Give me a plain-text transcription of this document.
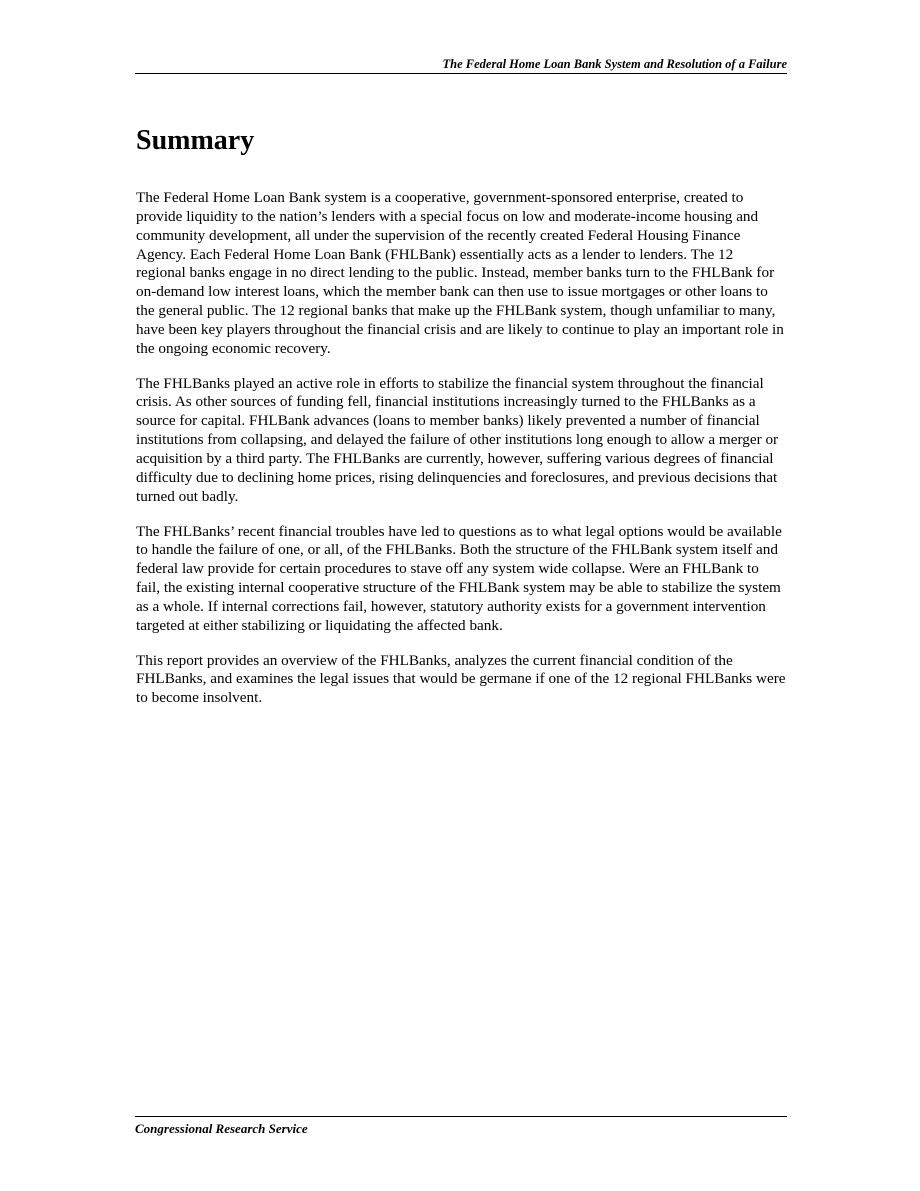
The Federal Home Loan Bank System and Resolution of a Failure
Summary

The Federal Home Loan Bank system is a cooperative, government-sponsored enterprise, created to provide liquidity to the nation’s lenders with a special focus on low and moderate-income housing and community development, all under the supervision of the recently created Federal Housing Finance Agency. Each Federal Home Loan Bank (FHLBank) essentially acts as a lender to lenders. The 12 regional banks engage in no direct lending to the public. Instead, member banks turn to the FHLBank for on-demand low interest loans, which the member bank can then use to issue mortgages or other loans to the general public. The 12 regional banks that make up the FHLBank system, though unfamiliar to many, have been key players throughout the financial crisis and are likely to continue to play an important role in the ongoing economic recovery.

The FHLBanks played an active role in efforts to stabilize the financial system throughout the financial crisis. As other sources of funding fell, financial institutions increasingly turned to the FHLBanks as a source for capital. FHLBank advances (loans to member banks) likely prevented a number of financial institutions from collapsing, and delayed the failure of other institutions long enough to allow a merger or acquisition by a third party. The FHLBanks are currently, however, suffering various degrees of financial difficulty due to declining home prices, rising delinquencies and foreclosures, and previous decisions that turned out badly.

The FHLBanks’ recent financial troubles have led to questions as to what legal options would be available to handle the failure of one, or all, of the FHLBanks. Both the structure of the FHLBank system itself and federal law provide for certain procedures to stave off any system wide collapse. Were an FHLBank to fail, the existing internal cooperative structure of the FHLBank system may be able to stabilize the system as a whole. If internal corrections fail, however, statutory authority exists for a government intervention targeted at either stabilizing or liquidating the affected bank.

This report provides an overview of the FHLBanks, analyzes the current financial condition of the FHLBanks, and examines the legal issues that would be germane if one of the 12 regional FHLBanks were to become insolvent.

Congressional Research Service
